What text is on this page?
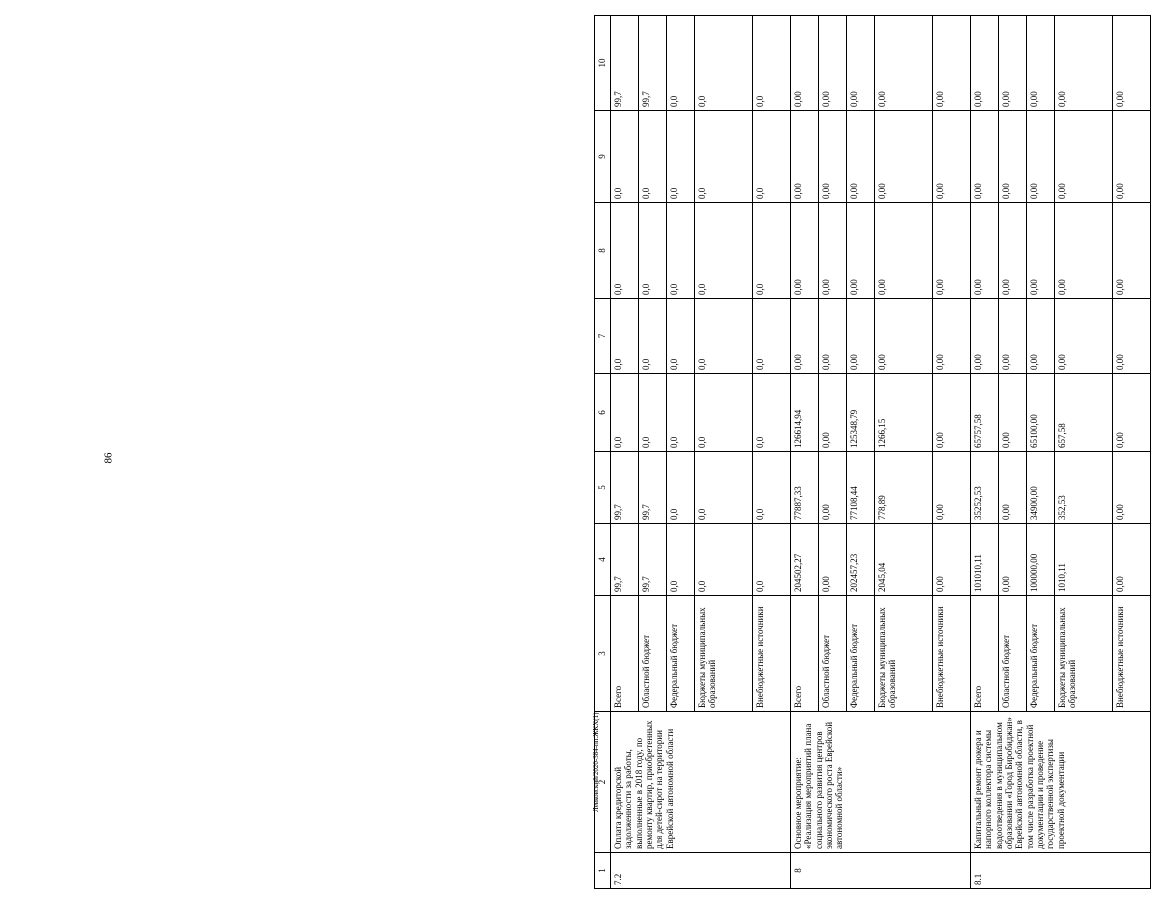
86
Левковский/2020-384-пп.ЖКХ(1)
1	2	3	4	5	6	7	8	9	10
7.2	Оплата кредиторской задолженности за работы, выполненные в 2018 году, по ремонту квартир, приобретенных для детей-сирот на территории Еврейской автономной области	Всего	99,7	99,7	0,0	0,0	0,0	0,0	99,7
		Областной бюджет	99,7	99,7	0,0	0,0	0,0	0,0	99,7
		Федеральный бюджет	0,0	0,0	0,0	0,0	0,0	0,0	0,0
		Бюджеты муниципальных образований	0,0	0,0	0,0	0,0	0,0	0,0	0,0
		Внебюджетные источники	0,0	0,0	0,0	0,0	0,0	0,0	0,0
8	Основное мероприятие: «Реализация мероприятий плана социального развития центров экономического роста Еврейской автономной области»	Всего	204502,27	77887,33	126614,94	0,00	0,00	0,00	0,00
		Областной бюджет	0,00	0,00	0,00	0,00	0,00	0,00	0,00
		Федеральный бюджет	202457,23	77108,44	125348,79	0,00	0,00	0,00	0,00
		Бюджеты муниципальных образований	2045,04	778,89	1266,15	0,00	0,00	0,00	0,00
		Внебюджетные источники	0,00	0,00	0,00	0,00	0,00	0,00	0,00
8.1	Капитальный ремонт дюкера и напорного коллектора системы водоотведения в муниципальном образовании «Город Биробиджан» Еврейской автономной области, в том числе разработка проектной документации и проведение государственной экспертизы проектной документации	Всего	101010,11	35252,53	65757,58	0,00	0,00	0,00	0,00
		Областной бюджет	0,00	0,00	0,00	0,00	0,00	0,00	0,00
		Федеральный бюджет	100000,00	34900,00	65100,00	0,00	0,00	0,00	0,00
		Бюджеты муниципальных образований	1010,11	352,53	657,58	0,00	0,00	0,00	0,00
		Внебюджетные источники	0,00	0,00	0,00	0,00	0,00	0,00	0,00
